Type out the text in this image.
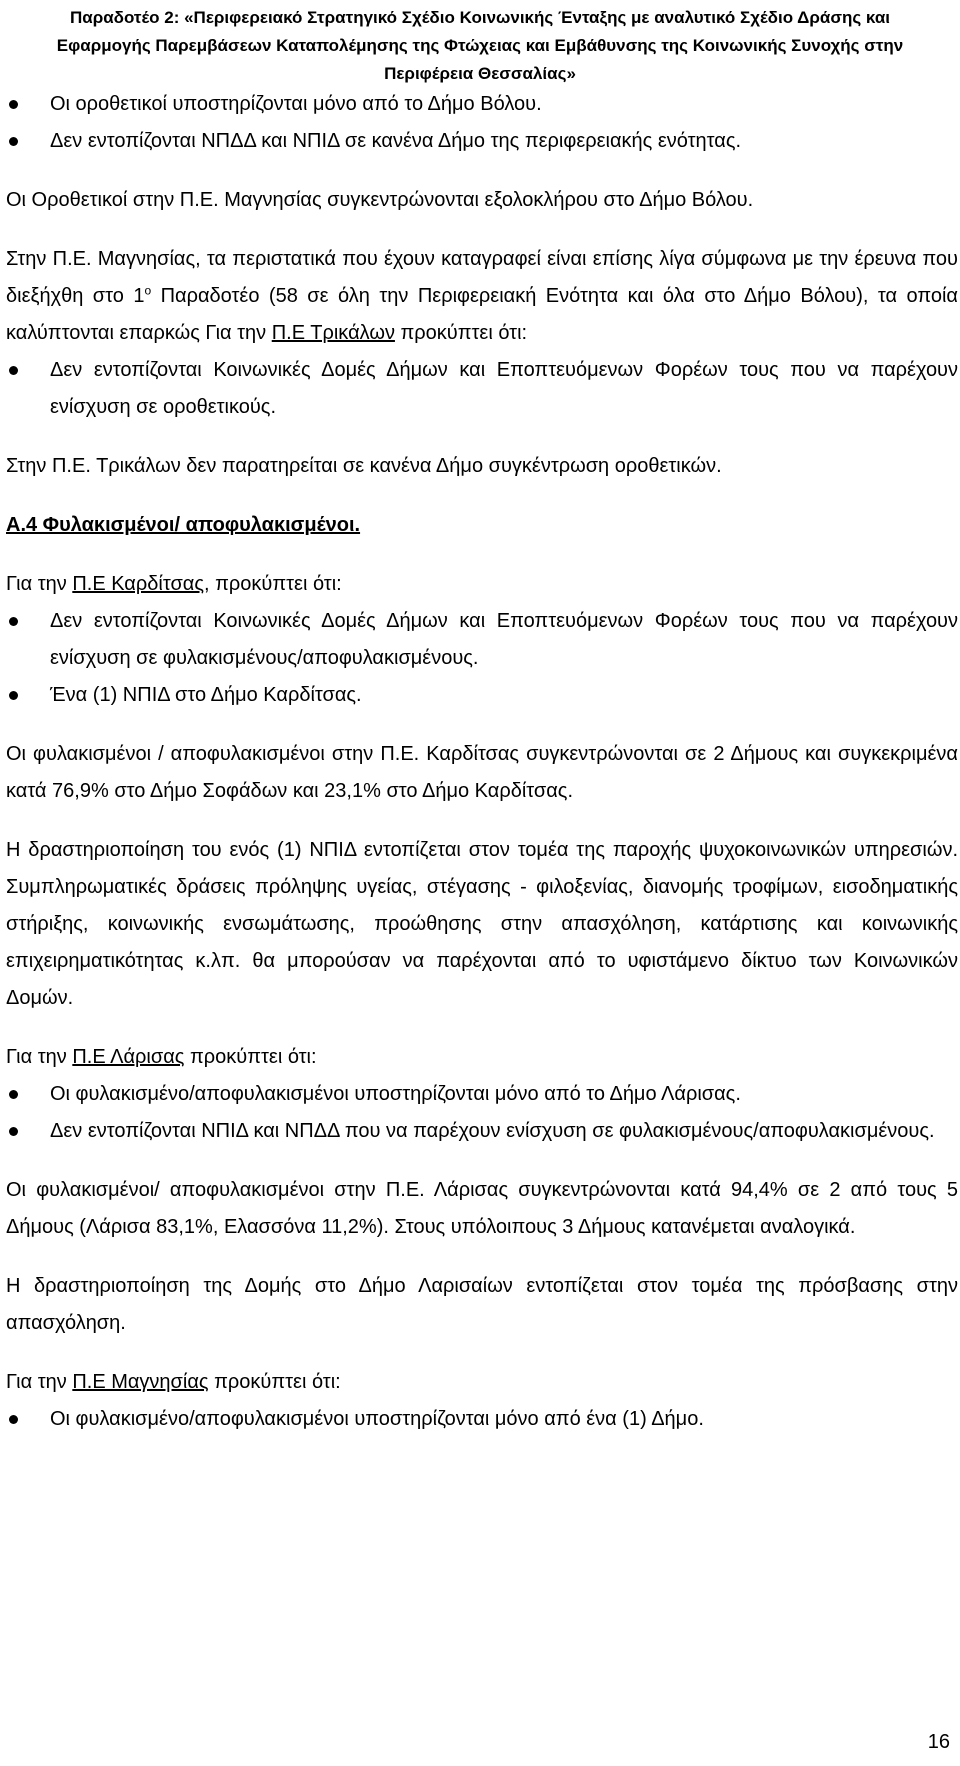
Παραδοτέο 2: «Περιφερειακό Στρατηγικό Σχέδιο Κοινωνικής Ένταξης με αναλυτικό Σχέδιο Δράσης και
Εφαρμογής Παρεμβάσεων Καταπολέμησης της Φτώχειας και Εμβάθυνσης της Κοινωνικής Συνοχής στην
Περιφέρεια Θεσσαλίας»
Οι οροθετικοί υποστηρίζονται μόνο από το Δήμο Βόλου.
Δεν εντοπίζονται ΝΠΔΔ και ΝΠΙΔ σε κανένα Δήμο της περιφερειακής ενότητας.

Οι Οροθετικοί στην Π.Ε. Μαγνησίας συγκεντρώνονται εξολοκλήρου στο Δήμο Βόλου.

Στην Π.Ε. Μαγνησίας, τα περιστατικά που έχουν καταγραφεί είναι επίσης λίγα σύμφωνα με την έρευνα που διεξήχθη στο $1^o$ Παραδοτέο (58 σε όλη την Περιφερειακή Ενότητα και όλα στο Δήμο Βόλου), τα οποία καλύπτονται επαρκώς Για την Π.Ε Τρικάλων προκύπτει ότι:

Δεν εντοπίζονται Κοινωνικές Δομές Δήμων και Εποπτευόμενων Φορέων τους που να παρέχουν ενίσχυση σε οροθετικούς.

Στην Π.Ε. Τρικάλων δεν παρατηρείται σε κανένα Δήμο συγκέντρωση οροθετικών.

Α.4 Φυλακισμένοι/ αποφυλακισμένοι.

Για την Π.Ε Καρδίτσας, προκύπτει ότι:

Δεν εντοπίζονται Κοινωνικές Δομές Δήμων και Εποπτευόμενων Φορέων τους που να παρέχουν ενίσχυση σε φυλακισμένους/αποφυλακισμένους.
Ένα (1) ΝΠΙΔ στο Δήμο Καρδίτσας.

Οι φυλακισμένοι / αποφυλακισμένοι στην Π.Ε. Καρδίτσας συγκεντρώνονται σε 2 Δήμους και συγκεκριμένα κατά 76,9% στο Δήμο Σοφάδων και 23,1% στο Δήμο Καρδίτσας.

Η δραστηριοποίηση του ενός (1) ΝΠΙΔ εντοπίζεται στον τομέα της παροχής ψυχοκοινωνικών υπηρεσιών. Συμπληρωματικές δράσεις πρόληψης υγείας, στέγασης - φιλοξενίας, διανομής τροφίμων, εισοδηματικής στήριξης, κοινωνικής ενσωμάτωσης, προώθησης στην απασχόληση, κατάρτισης και κοινωνικής επιχειρηματικότητας κ.λπ. θα μπορούσαν να παρέχονται από το υφιστάμενο δίκτυο των Κοινωνικών Δομών.

Για την Π.Ε Λάρισας προκύπτει ότι:

Οι φυλακισμένο/αποφυλακισμένοι υποστηρίζονται μόνο από το Δήμο Λάρισας.
Δεν εντοπίζονται ΝΠΙΔ και ΝΠΔΔ που να παρέχουν ενίσχυση σε φυλακισμένους/αποφυλακισμένους.

Οι φυλακισμένοι/ αποφυλακισμένοι στην Π.Ε. Λάρισας συγκεντρώνονται κατά 94,4% σε 2 από τους 5 Δήμους (Λάρισα 83,1%, Ελασσόνα 11,2%). Στους υπόλοιπους 3 Δήμους κατανέμεται αναλογικά.

Η δραστηριοποίηση της Δομής στο Δήμο Λαρισαίων εντοπίζεται στον τομέα της πρόσβασης στην απασχόληση.

Για την Π.Ε Μαγνησίας προκύπτει ότι:

Οι φυλακισμένο/αποφυλακισμένοι υποστηρίζονται μόνο από ένα (1) Δήμο.
16
